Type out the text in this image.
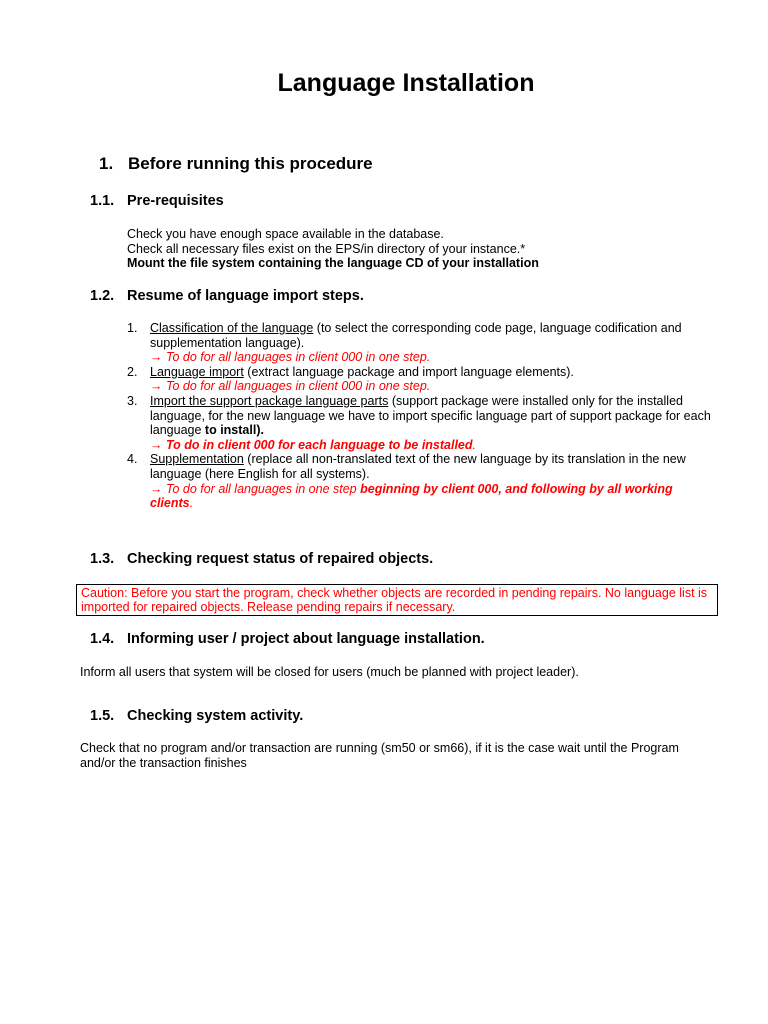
Language Installation
1. Before running this procedure
1.1. Pre-requisites

Check you have enough space available in the database.

Check all necessary files exist on the EPS/in directory of your instance.*

Mount the file system containing the language CD of your installation

1.2. Resume of language import steps.
1. Classification of the language (to select the corresponding code page, language codification and supplementation language).
→ To do for all languages in client 000 in one step.
2. Language import (extract language package and import language elements).
→ To do for all languages in client 000 in one step.
3. Import the support package language parts (support package were installed only for the installed language, for the new language we have to import specific language part of support package for each language to install).
→ To do in client 000 for each language to be installed.
4. Supplementation (replace all non-translated text of the new language by its translation in the new language (here English for all systems).
→ To do for all languages in one step beginning by client 000, and following by all working clients.
1.3. Checking request status of repaired objects.
Caution: Before you start the program, check whether objects are recorded in pending repairs. No language list is imported for repaired objects. Release pending repairs if necessary.
1.4. Informing user / project about language installation.
Inform all users that system will be closed for users (much be planned with project leader).
1.5. Checking system activity.
Check that no program and/or transaction are running (sm50 or sm66), if it is the case wait until the Program and/or the transaction finishes
